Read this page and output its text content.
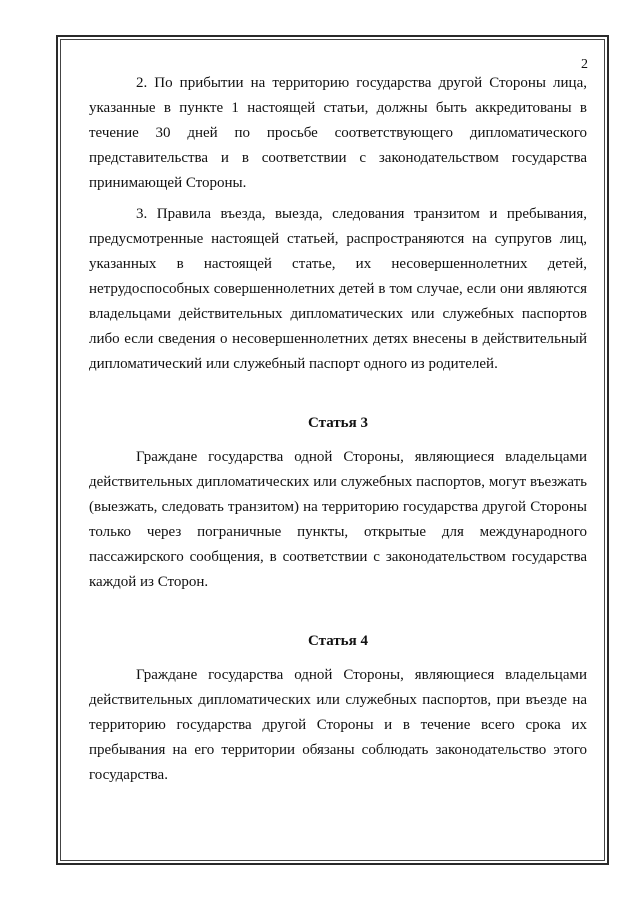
2

2. По прибытии на территорию государства другой Стороны лица, указанные в пункте 1 настоящей статьи, должны быть аккредитованы в течение 30 дней по просьбе соответствующего дипломатического представительства и в соответствии с законодательством государства принимающей Стороны.

3. Правила въезда, выезда, следования транзитом и пребывания, предусмотренные настоящей статьей, распространяются на супругов лиц, указанных в настоящей статье, их несовершеннолетних детей, нетрудоспособных совершеннолетних детей в том случае, если они являются владельцами действительных дипломатических или служебных паспортов либо если сведения о несовершеннолетних детях внесены в действительный дипломатический или служебный паспорт одного из родителей.

Статья 3

Граждане государства одной Стороны, являющиеся владельцами действительных дипломатических или служебных паспортов, могут въезжать (выезжать, следовать транзитом) на территорию государства другой Стороны только через пограничные пункты, открытые для международного пассажирского сообщения, в соответствии с законодательством государства каждой из Сторон.

Статья 4

Граждане государства одной Стороны, являющиеся владельцами действительных дипломатических или служебных паспортов, при въезде на территорию государства другой Стороны и в течение всего срока их пребывания на его территории обязаны соблюдать законодательство этого государства.
